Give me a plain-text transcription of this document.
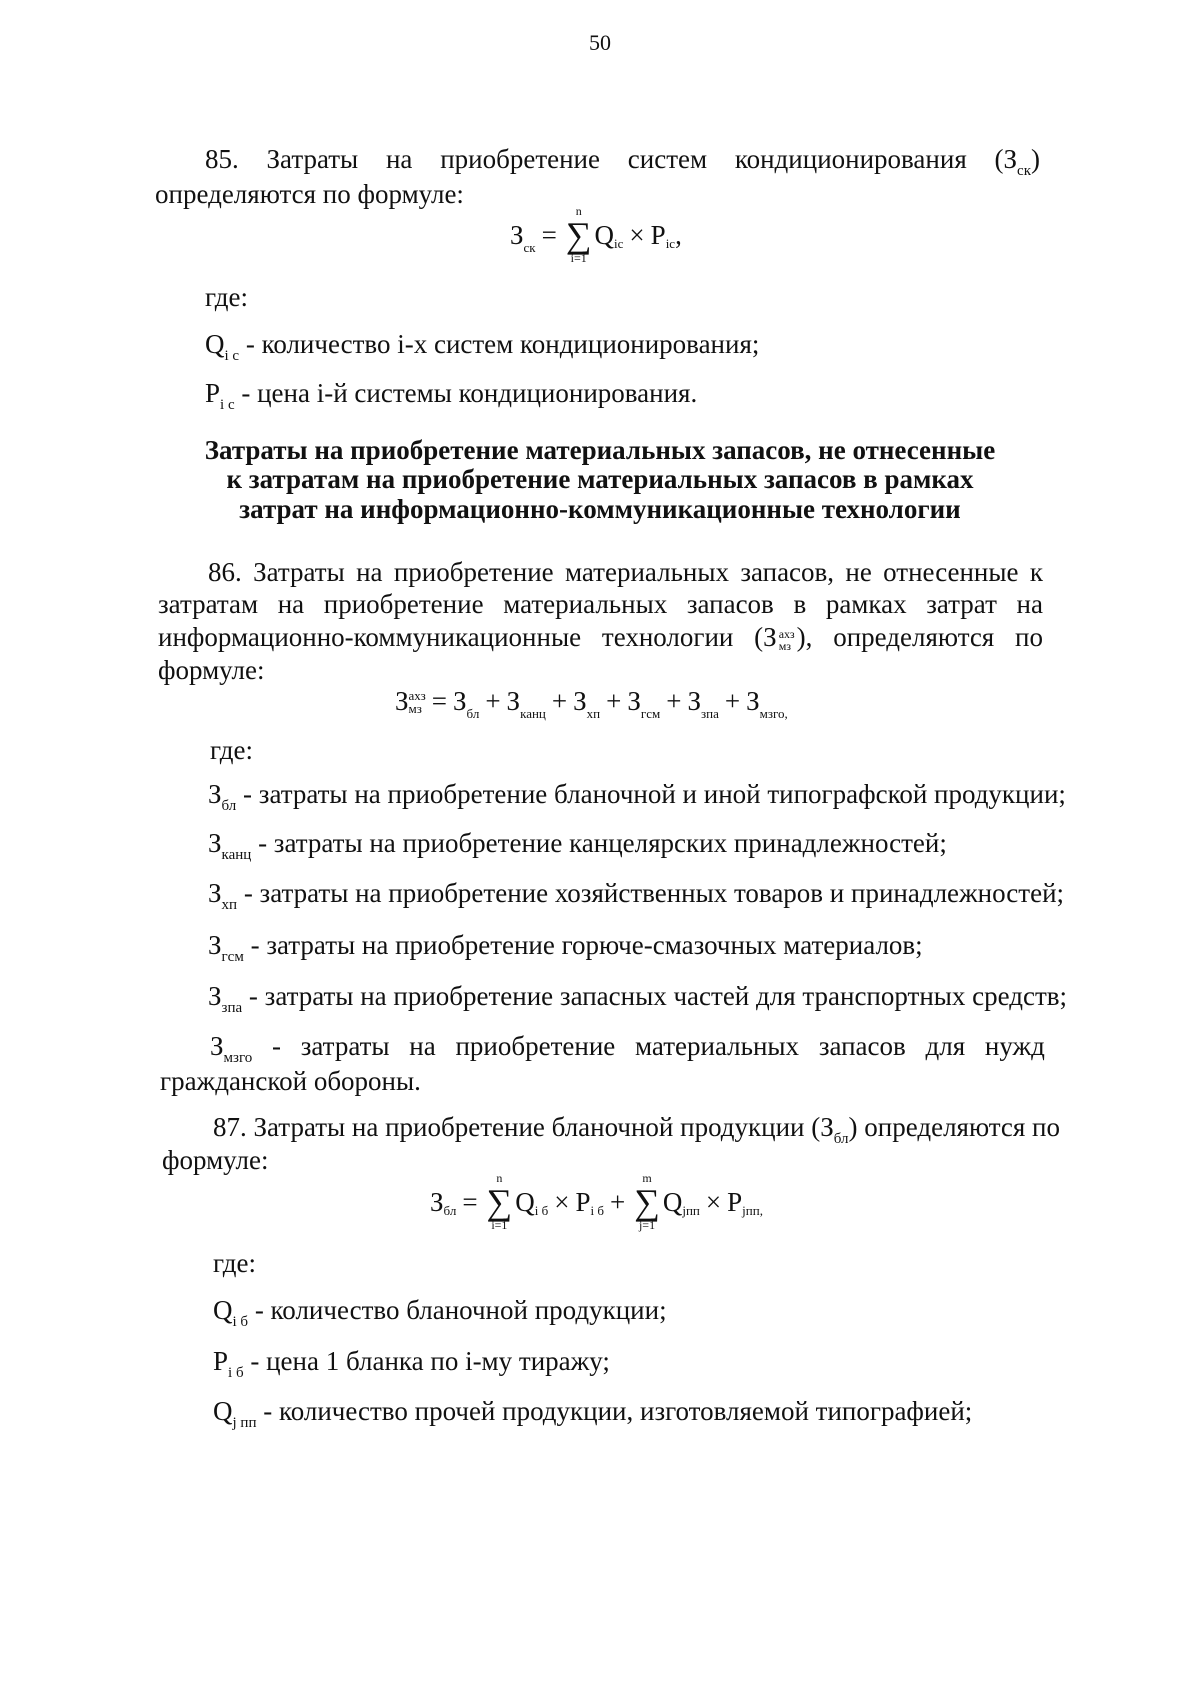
50
85. Затраты на приобретение систем кондиционирования $(З_{ск})$
определяются по формуле:
$З_{ск}$ =
n
∑
i=1
Q ic × P ic ,
где:
$Q_{i c}$ - количество i-х систем кондиционирования;
$P_{i c}$ - цена i-й системы кондиционирования.
Затраты на приобретение материальных запасов, не отнесенные
к затратам на приобретение материальных запасов в рамках
затрат на информационно-коммуникационные технологии
86. Затраты на приобретение материальных запасов, не отнесенные к
затратам на приобретение материальных запасов в рамках затрат на
информационно-коммуникационные технологии (З ахз
мз ), определяются по
формуле:
З ахз
мз = $З_{бл} + З_{канц} + З_{хп} + З_{гсм} + З_{зпа} + З_{мзго,}$
где:
$З_{бл}$ - затраты на приобретение бланочной и иной типографской продукции;
$З_{канц}$ - затраты на приобретение канцелярских принадлежностей;
$З_{хп}$ - затраты на приобретение хозяйственных товаров и принадлежностей;
$З_{гсм}$ - затраты на приобретение горюче-смазочных материалов;
$З_{зпа}$ - затраты на приобретение запасных частей для транспортных средств;
$З_{мзго}$ - затраты на приобретение материальных запасов для нужд
гражданской обороны.
87. Затраты на приобретение бланочной продукции $(З_{бл})$ определяются по
формуле:
З бл =
n
∑
i=1
Q i б × P i б +
m
∑
j=1
Q jпп × P jпп ,
где:
$Q_{i б}$ - количество бланочной продукции;
$P_{i б}$ - цена 1 бланка по i-му тиражу;
$Q_{j пп}$ - количество прочей продукции, изготовляемой типографией;
